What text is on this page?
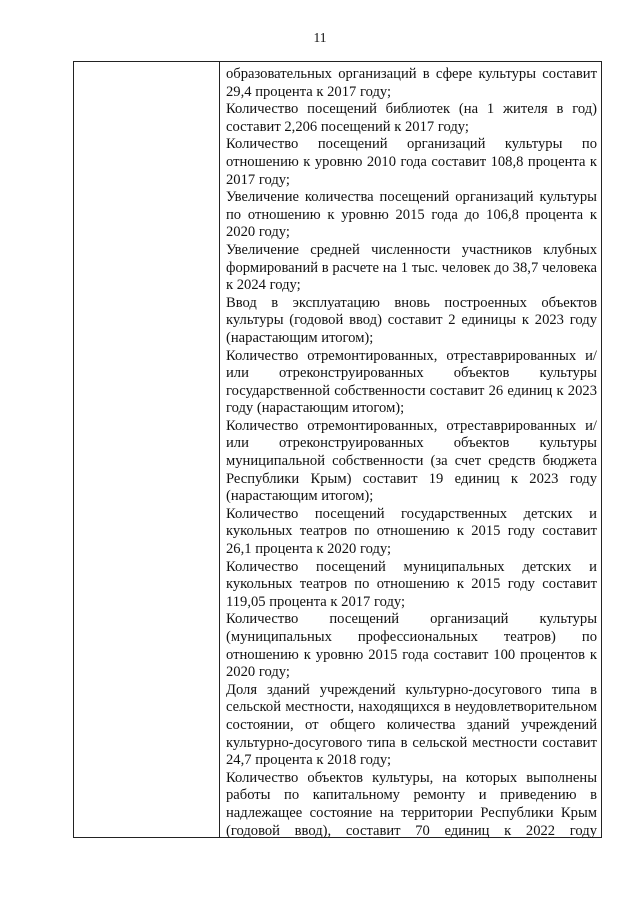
11

образовательных организаций в сфере культуры составит 29,4 процента к 2017 году;

Количество посещений библиотек (на 1 жителя в год) составит 2,206 посещений к 2017 году;

Количество посещений организаций культуры по отношению к уровню 2010 года составит 108,8 процента к 2017 году;

Увеличение количества посещений организаций культуры по отношению к уровню 2015 года до 106,8 процента к 2020 году;

Увеличение средней численности участников клубных формирований в расчете на 1 тыс. человек до 38,7 человека к 2024 году;

Ввод в эксплуатацию вновь построенных объектов культуры (годовой ввод) составит 2 единицы к 2023 году (нарастающим итогом);

Количество отремонтированных, отреставрированных и/или отреконструированных объектов культуры государственной собственности составит 26 единиц к 2023 году (нарастающим итогом);

Количество отремонтированных, отреставрированных и/или отреконструированных объектов культуры муниципальной собственности (за счет средств бюджета Республики Крым) составит 19 единиц к 2023 году (нарастающим итогом);

Количество посещений государственных детских и кукольных театров по отношению к 2015 году составит 26,1 процента к 2020 году;

Количество посещений муниципальных детских и кукольных театров по отношению к 2015 году составит 119,05 процента к 2017 году;

Количество посещений организаций культуры (муниципальных профессиональных театров) по отношению к уровню 2015 года составит 100 процентов к 2020 году;

Доля зданий учреждений культурно-досугового типа в сельской местности, находящихся в неудовлетворительном состоянии, от общего количества зданий учреждений культурно-досугового типа в сельской местности составит 24,7 процента к 2018 году;

Количество объектов культуры, на которых выполнены работы по капитальному ремонту и приведению в надлежащее состояние на территории Республики Крым (годовой ввод), составит 70 единиц к 2022 году
